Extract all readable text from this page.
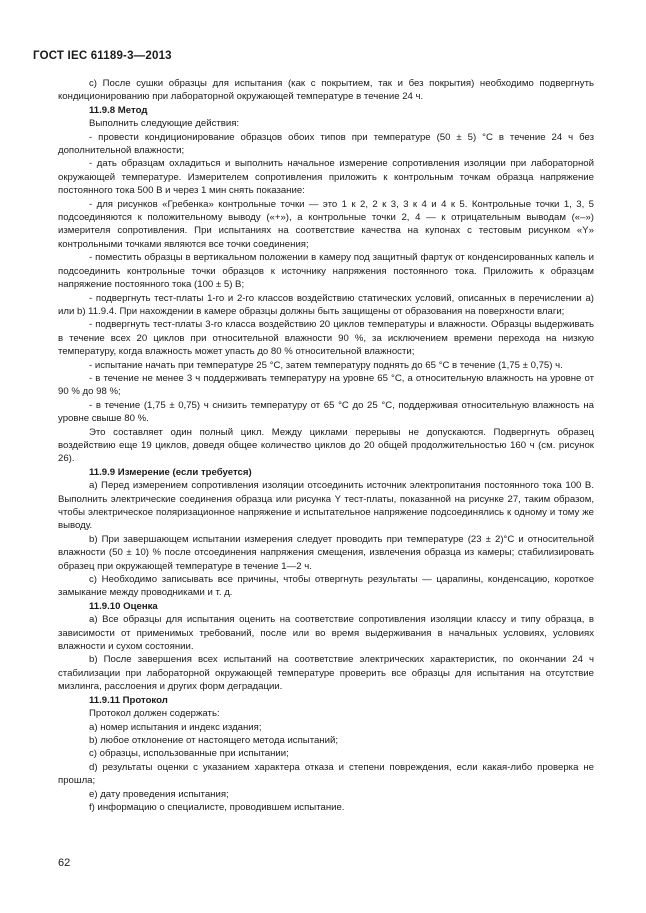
ГОСТ IEC 61189-3—2013

c) После сушки образцы для испытания (как с покрытием, так и без покрытия) необходимо подвергнуть кондиционированию при лабораторной окружающей температуре в течение 24 ч.

11.9.8 Метод

Выполнить следующие действия:

- провести кондиционирование образцов обоих типов при температуре (50 ± 5) °С в течение 24 ч без дополнительной влажности;

- дать образцам охладиться и выполнить начальное измерение сопротивления изоляции при лабораторной окружающей температуре. Измерителем сопротивления приложить к контрольным точкам образца напряжение постоянного тока 500 В и через 1 мин снять показание:

- для рисунков «Гребенка» контрольные точки — это 1 к 2, 2 к 3, 3 к 4 и 4 к 5. Контрольные точки 1, 3, 5 подсоединяются к положительному выводу («+»), а контрольные точки 2, 4 — к отрицательным выводам («–») измерителя сопротивления. При испытаниях на соответствие качества на купонах с тестовым рисунком «Y» контрольными точками являются все точки соединения;

- поместить образцы в вертикальном положении в камеру под защитный фартук от конденсированных капель и подсоединить контрольные точки образцов к источнику напряжения постоянного тока. Приложить к образцам напряжение постоянного тока (100 ± 5) В;

- подвергнуть тест-платы 1-го и 2-го классов воздействию статических условий, описанных в перечислении а) или b) 11.9.4. При нахождении в камере образцы должны быть защищены от образования на поверхности влаги;

- подвергнуть тест-платы 3-го класса воздействию 20 циклов температуры и влажности. Образцы выдерживать в течение всех 20 циклов при относительной влажности 90 %, за исключением времени перехода на низкую температуру, когда влажность может упасть до 80 % относительной влажности;

- испытание начать при температуре 25 °С, затем температуру поднять до 65 °С в течение (1,75 ± 0,75) ч.

- в течение не менее 3 ч поддерживать температуру на уровне 65 °С, а относительную влажность на уровне от 90 % до 98 %;

- в течение (1,75 ± 0,75) ч снизить температуру от 65 °С до 25 °С, поддерживая относительную влажность на уровне свыше 80 %.

Это составляет один полный цикл. Между циклами перерывы не допускаются. Подвергнуть образец воздействию еще 19 циклов, доведя общее количество циклов до 20 общей продолжительностью 160 ч (см. рисунок 26).

11.9.9 Измерение (если требуется)

a) Перед измерением сопротивления изоляции отсоединить источник электропитания постоянного тока 100 В. Выполнить электрические соединения образца или рисунка Y тест-платы, показанной на рисунке 27, таким образом, чтобы электрическое поляризационное напряжение и испытательное напряжение подсоединялись к одному и тому же выводу.

b) При завершающем испытании измерения следует проводить при температуре (23 ± 2)°С и относительной влажности (50 ± 10) % после отсоединения напряжения смещения, извлечения образца из камеры; стабилизировать образец при окружающей температуре в течение 1—2 ч.

c) Необходимо записывать все причины, чтобы отвергнуть результаты — царапины, конденсацию, короткое замыкание между проводниками и т. д.

11.9.10 Оценка

a) Все образцы для испытания оценить на соответствие сопротивления изоляции классу и типу образца, в зависимости от применимых требований, после или во время выдерживания в начальных условиях, условиях влажности и сухом состоянии.

b) После завершения всех испытаний на соответствие электрических характеристик, по окончании 24 ч стабилизации при лабораторной окружающей температуре проверить все образцы для испытания на отсутствие мизлинга, расслоения и других форм деградации.

11.9.11 Протокол

Протокол должен содержать:

a) номер испытания и индекс издания;

b) любое отклонение от настоящего метода испытаний;

c) образцы, использованные при испытании;

d) результаты оценки с указанием характера отказа и степени повреждения, если какая-либо проверка не прошла;

e) дату проведения испытания;

f) информацию о специалисте, проводившем испытание.

62
